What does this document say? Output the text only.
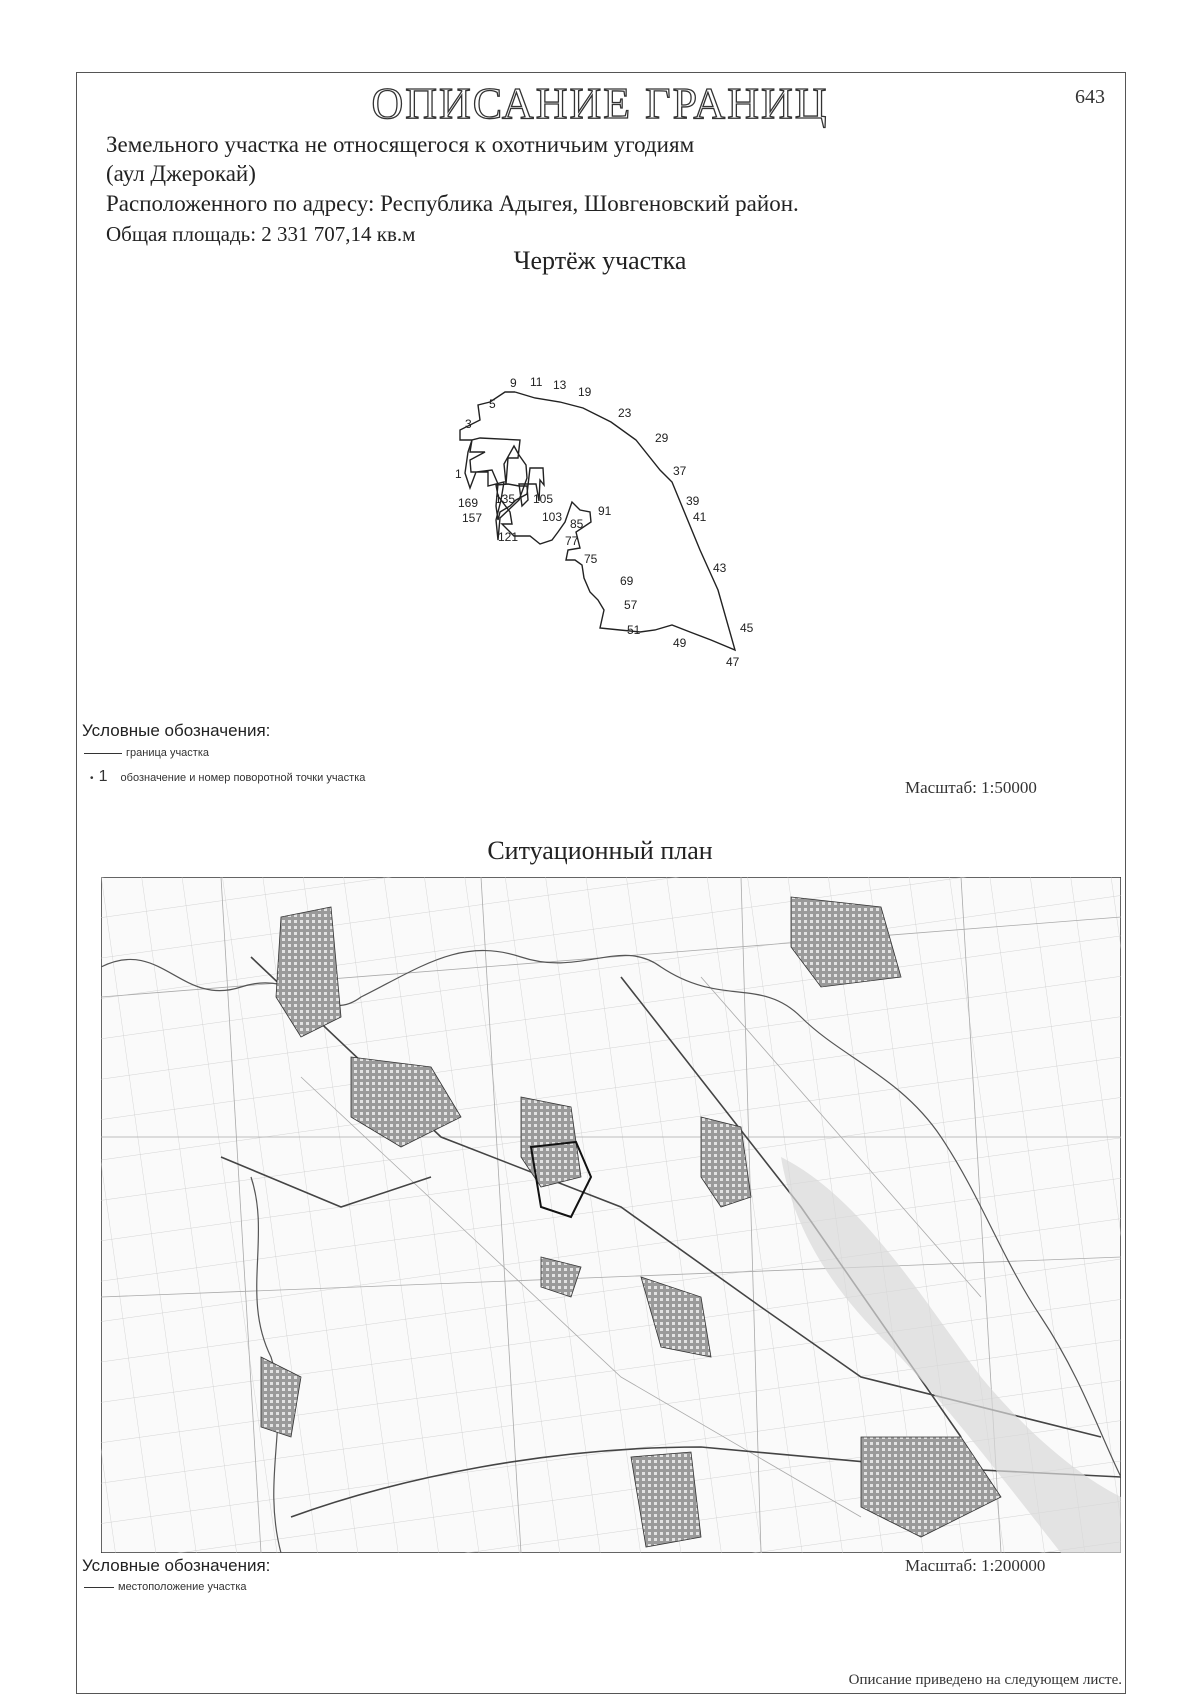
ОПИСАНИЕ ГРАНИЦ	643
Земельного участка не относящегося к охотничьим угодиям
(аул Джерокай)
Расположенного по адресу: Республика Адыгея, Шовгеновский район.
Общая площадь: 2 331 707,14 кв.м
Чертёж участка
9 11 13 19
5
23
3
29
37
1
169 135 105	39
157	103	91	41
121
85
77
75
43
69
57
51
49
45
47
Условные обозначения:
граница участка
• 1 обозначение и номер поворотной точки участка	Масштаб: 1:50000
Ситуационный план
Условные обозначения:
местоположение участка
Масштаб: 1:200000
Описание приведено на следующем листе.
